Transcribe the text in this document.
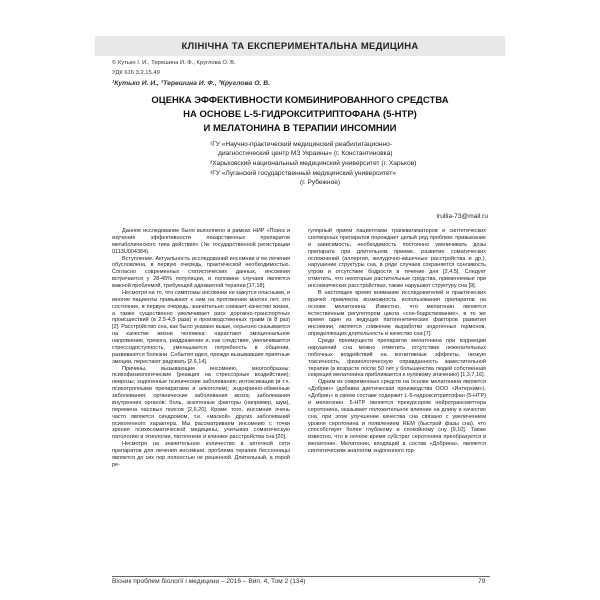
КЛІНІЧНА ТА ЕКСПЕРИМЕНТАЛЬНА МЕДИЦИНА
© Кутько І. И., Терешина И. Ф., Круглова О. В.
УДК 616.3.2.15.49
¹Кутько И. И., ²Терешина И. Ф., ³Круглова О. В.
ОЦЕНКА ЭФФЕКТИВНОСТИ КОМБИНИРОВАННОГО СРЕДСТВА
НА ОСНОВЕ L-5-ГИДРОКСИТРИПТОФАНА (5-HTP)
И МЕЛАТОНИНА В ТЕРАПИИ ИНСОМНИИ
¹ГУ «Научно-практический медицинский реабилитационно-
диагностический центр МЗ Украины» (г. Константиновка)
²Харьковский национальный медицинский университет (г. Харьков)
³ГУ «Луганский государственный медицинский университет»
(г. Рубежное)
irullia-73@mail.ru

Данное исследование было выполнено в рамках НИР «Поиск и изучение эффективности лекарственных препаратов метаболического типа действия» (№ государственной регистрации 0113U004384).

Вступление. Актуальность исследований инсомнии и ее лечения обусловлена, в первую очередь, практической необходимостью. Согласно современных статистических данных, инсомния встречается у 28-45% популяции, и половине случаев является важной проблемой, требующей адекватной терапии [17,18].

Несмотря на то, что симптомы инсомнии не кажутся опасными, и многие пациенты привыкают к ним на протяжении многих лет, это состояние, в первую очередь, значительно снижает качество жизни, а также существенно увеличивает риск дорожно-транспортных происшествий (в 2,5-4,5 раза) и производственных травм (в 8 раз) [2]. Расстройство сна, как было указано выше, серьезно сказывается на качестве жизни человека: нарастают эмоциональное напряжение, тревога, раздражение и, как следствие, увеличивается стрессодоступность, уменьшается потребность в общении, развиваются болезни. События идея, прежде вызывавшие приятные эмоции, перестают радовать [2,6,14].

Причины, вызывающие инсомнию, многообразны: психофизиологические (реакция на стрессорные воздействия); неврозы; эндогенные психические заболевания; интоксикации (в т.ч. психотропными препаратами и алкоголем); эндокринно-обменные заболевания; органические заболевания мозга; заболевания внутренних органов; боль, экзогенные факторы (например, шум), перемена часовых поясов [2,6,20]. Кроме того, инсомния очень часто является синдромом, т.е. «маской» других заболеваний психогенного характера. Мы рассматриваем инсомнию с точки зрения психосоматической медицины, учитывая соматическую патологию в этиологии, патогенезе и клинике расстройства сна [20].

Несмотря на значительное количество в аптечной сети препаратов для лечения инсомнии, проблема терапии бессонницы является до сих пор полностью не решенной. Длительный, а порой ре-

гулярный прием пациентами транквилизаторов и синтетических снотворных препаратов порождает целый ряд проблем: привыкание и зависимость, необходимость постоянно увеличивать дозы препарата при длительном приеме, развитие соматических осложнений (аллергия, желудочно-кишечные расстройства и др.), нарушение структуры сна, в ряде случаев сохраняется сонливость утром и отсутствие бодрости в течение дня [2,4,5]. Следует отметить, что некоторые растительные средства, применяемые при инсомнических расстройствах, также нарушают структуру сна [9].

В настоящее время внимание исследователей и практических врачей привлекла возможность использования препаратов на основе мелатонина. Известно, что мелатонин является естественным регулятором цикла «сон-бодрствование», в то же время один из ведущих патогенетических факторов развития инсомнии, является снижение выработки эндогенных гормонов, определяющих длительность и качество сна [7].

Среди преимуществ препаратов мелатонина при коррекции нарушений сна можно отметить отсутствие нежелательных побочных воздействий на когнитивные эффекты, низкую токсичность, физиологическую оправданность заместительной терапии (в возрасте после 50 лет у большинства людей собственная секреция мелатонина приближается к нулевому значению) [1,3,7,16].

Одним из современных средств на основе мелатонина является «Добрин» (добавка диетическая производства ООО «Интерхим»). «Добрин» в своем составе содержит L-5-гидрокситриптофан (5-HTP) и мелатонин. 5-HTP является прекурсором нейротрансмиттера серотонина, оказывает положительное влияние на длину и качество сна, при этом улучшение качества сна связано с увеличением уровня серотонина и появлением REM (быстрой фазы сна), что способствует более глубокому и спокойному сну [9,10]. Также известно, что в ночное время субстрат серотонина преобразуется в мелатонин. Мелатонин, входящий в состав «Добрина», является синтетическим аналогом эндогенного гор-

Вісник проблем біології і медицини – 2016 – Вип. 4, Том 2 (134)	79
